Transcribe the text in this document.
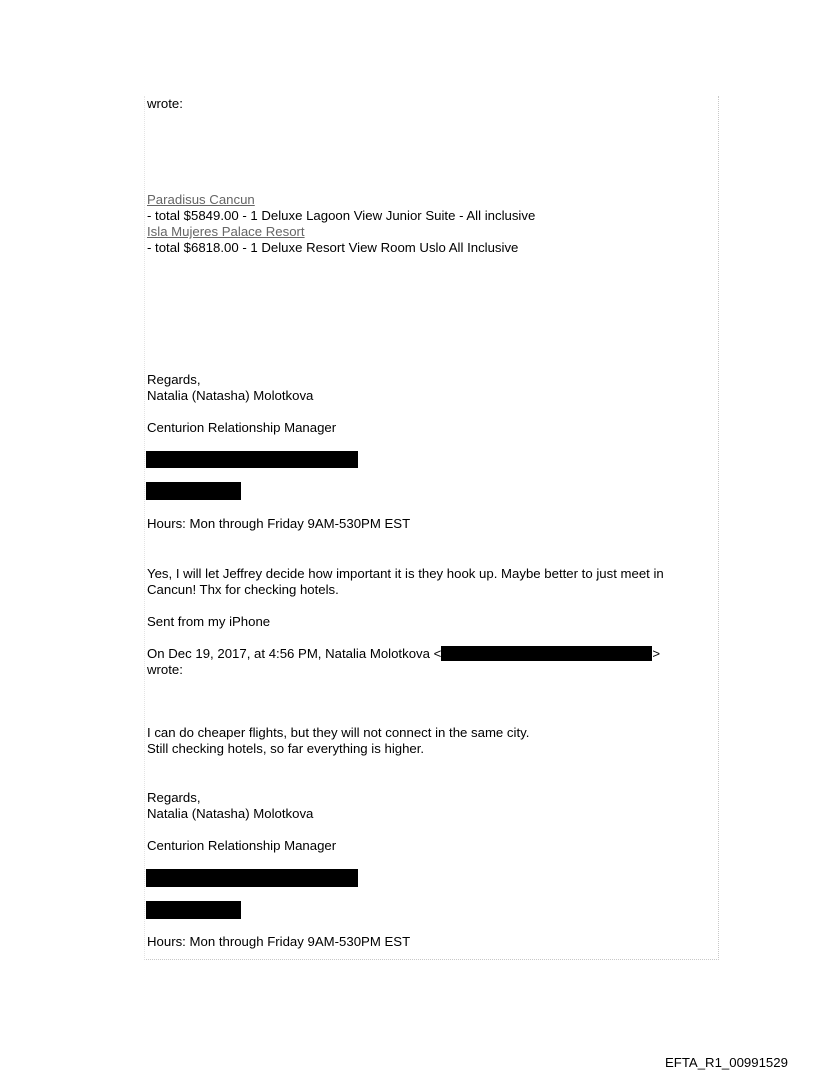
wrote:
Paradisus Cancun
- total $5849.00 - 1 Deluxe Lagoon View Junior Suite - All inclusive
Isla Mujeres Palace Resort
- total $6818.00 - 1 Deluxe Resort View Room Uslo All Inclusive
Regards,
Natalia (Natasha) Molotkova
Centurion Relationship Manager
Hours: Mon through Friday 9AM-530PM EST
Yes, I will let Jeffrey decide how important it is they hook up. Maybe better to just meet in
Cancun! Thx for checking hotels.
Sent from my iPhone
On Dec 19, 2017, at 4:56 PM, Natalia Molotkova <	>
wrote:
I can do cheaper flights, but they will not connect in the same city.
Still checking hotels, so far everything is higher.
Regards,
Natalia (Natasha) Molotkova
Centurion Relationship Manager
Hours: Mon through Friday 9AM-530PM EST
EFTA_R1_00991529
